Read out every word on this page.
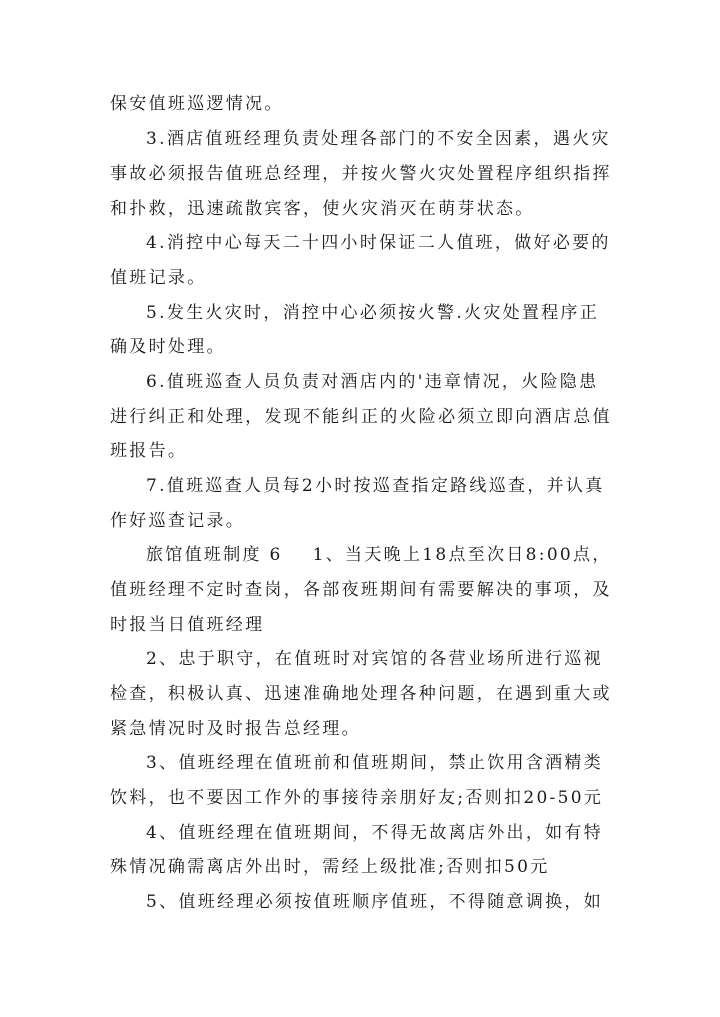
保安值班巡逻情况。
3.酒店值班经理负责处理各部门的不安全因素，遇火灾
事故必须报告值班总经理，并按火警火灾处置程序组织指挥
和扑救，迅速疏散宾客，使火灾消灭在萌芽状态。
4.消控中心每天二十四小时保证二人值班，做好必要的
值班记录。
5.发生火灾时，消控中心必须按火警.火灾处置程序正
确及时处理。
6.值班巡查人员负责对酒店内的'违章情况，火险隐患
进行纠正和处理，发现不能纠正的火险必须立即向酒店总值
班报告。
7.值班巡查人员每2小时按巡查指定路线巡查，并认真
作好巡查记录。
旅馆值班制度 6 1、当天晚上18点至次日8:00点，
值班经理不定时查岗，各部夜班期间有需要解决的事项，及
时报当日值班经理
2、忠于职守，在值班时对宾馆的各营业场所进行巡视
检查，积极认真、迅速准确地处理各种问题，在遇到重大或
紧急情况时及时报告总经理。
3、值班经理在值班前和值班期间，禁止饮用含酒精类
饮料，也不要因工作外的事接待亲朋好友;否则扣20-50元
4、值班经理在值班期间，不得无故离店外出，如有特
殊情况确需离店外出时，需经上级批准;否则扣50元
5、值班经理必须按值班顺序值班，不得随意调换，如
